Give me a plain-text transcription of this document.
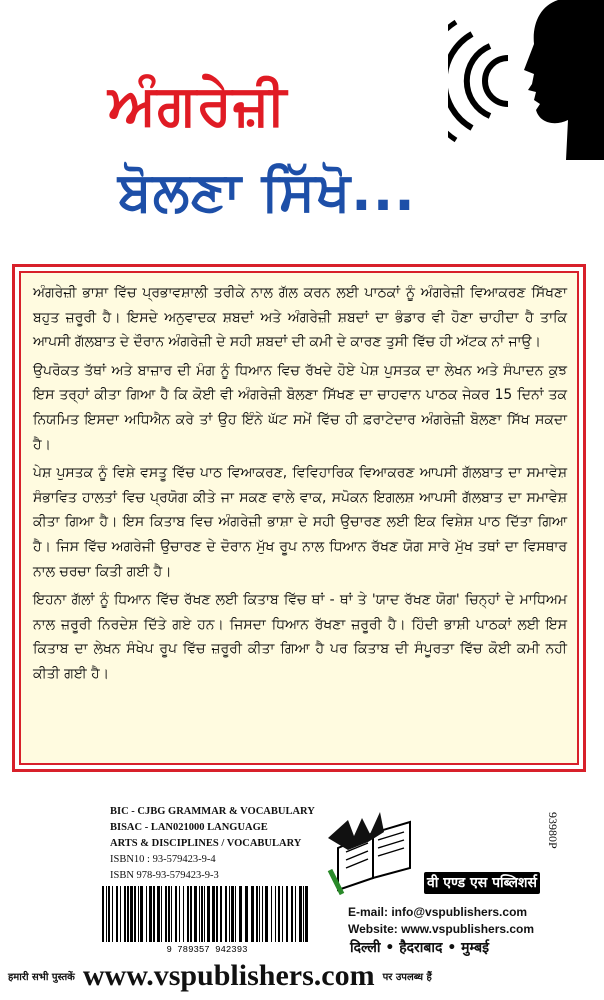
ਅੰਗਰੇਜ਼ੀ
ਬੋਲਣਾ ਸਿੱਖੋ...

ਅੰਗਰੇਜ਼ੀ ਭਾਸ਼ਾ ਵਿੱਚ ਪ੍ਰਭਾਵਸ਼ਾਲੀ ਤਰੀਕੇ ਨਾਲ ਗੱਲ ਕਰਨ ਲਈ ਪਾਠਕਾਂ ਨੂੰ ਅੰਗਰੇਜ਼ੀ ਵਿਆਕਰਣ ਸਿੱਖਣਾ ਬਹੁਤ ਜ਼ਰੂਰੀ ਹੈ। ਇਸਦੇ ਅਨੁਵਾਦਕ ਸ਼ਬਦਾਂ ਅਤੇ ਅੰਗਰੇਜ਼ੀ ਸ਼ਬਦਾਂ ਦਾ ਭੰਡਾਰ ਵੀ ਹੋਣਾ ਚਾਹੀਦਾ ਹੈ ਤਾਕਿ ਆਪਸੀ ਗੱਲਬਾਤ ਦੇ ਦੌਰਾਨ ਅੰਗਰੇਜ਼ੀ ਦੇ ਸਹੀ ਸ਼ਬਦਾਂ ਦੀ ਕਮੀ ਦੇ ਕਾਰਣ ਤੁਸੀ ਵਿੱਚ ਹੀ ਅੱਟਕ ਨਾਂ ਜਾਉ।

ਉਪਰੋਕਤ ਤੱਥਾਂ ਅਤੇ ਬਾਜ਼ਾਰ ਦੀ ਮੰਗ ਨੂੰ ਧਿਆਨ ਵਿਚ ਰੱਖਦੇ ਹੋਏ ਪੇਸ਼ ਪੁਸਤਕ ਦਾ ਲੇਖਨ ਅਤੇ ਸੰਪਾਦਨ ਕੁਝ ਇਸ ਤਰ੍ਹਾਂ ਕੀਤਾ ਗਿਆ ਹੈ ਕਿ ਕੋਈ ਵੀ ਅੰਗਰੇਜ਼ੀ ਬੋਲਣਾ ਸਿੱਖਣ ਦਾ ਚਾਹਵਾਨ ਪਾਠਕ ਜੇਕਰ 15 ਦਿਨਾਂ ਤਕ ਨਿਯਮਿਤ ਇਸਦਾ ਅਧਿਐਨ ਕਰੇ ਤਾਂ ਉਹ ਇੰਨੇ ਘੱਟ ਸਮੇਂ ਵਿੱਚ ਹੀ ਫ਼ਰਾਟੇਦਾਰ ਅੰਗਰੇਜ਼ੀ ਬੋਲਣਾ ਸਿੱਖ ਸਕਦਾ ਹੈ।

ਪੇਸ਼ ਪੁਸਤਕ ਨੂੰ ਵਿਸ਼ੇ ਵਸਤੂ ਵਿੱਚ ਪਾਠ ਵਿਆਕਰਣ, ਵਿਵਿਹਾਰਿਕ ਵਿਆਕਰਣ ਆਪਸੀ ਗੱਲਬਾਤ ਦਾ ਸਮਾਵੇਸ਼ ਸੰਭਾਵਿਤ ਹਾਲਤਾਂ ਵਿਚ ਪ੍ਰਯੋਗ ਕੀਤੇ ਜਾ ਸਕਣ ਵਾਲੇ ਵਾਕ, ਸਪੋਕਨ ਇਗਲਸ਼ ਆਪਸੀ ਗੱਲਬਾਤ ਦਾ ਸਮਾਵੇਸ਼ ਕੀਤਾ ਗਿਆ ਹੈ। ਇਸ ਕਿਤਾਬ ਵਿਚ ਅੰਗਰੇਜ਼ੀ ਭਾਸ਼ਾ ਦੇ ਸਹੀ ਉਚਾਰਣ ਲਈ ਇਕ ਵਿਸ਼ੇਸ਼ ਪਾਠ ਦਿੱਤਾ ਗਿਆ ਹੈ। ਜਿਸ ਵਿੱਚ ਅਗਰੇਜੀ ਉਚਾਰਣ ਦੇ ਦੋਰਾਨ ਮੁੱਖ ਰੂਪ ਨਾਲ ਧਿਆਨ ਰੱਖਣ ਯੋਗ ਸਾਰੇ ਮੁੱਖ ਤਥਾਂ ਦਾ ਵਿਸਥਾਰ ਨਾਲ ਚਰਚਾ ਕਿਤੀ ਗਈ ਹੈ।

ਇਹਨਾ ਗੱਲਾਂ ਨੂੰ ਧਿਆਨ ਵਿੱਚ ਰੱਖਣ ਲਈ ਕਿਤਾਬ ਵਿੱਚ ਥਾਂ - ਥਾਂ ਤੇ 'ਯਾਦ ਰੱਖਣ ਯੋਗ' ਚਿਨ੍ਹਾਂ ਦੇ ਮਾਧਿਅਮ ਨਾਲ ਜ਼ਰੂਰੀ ਨਿਰਦੇਸ਼ ਦਿੱਤੇ ਗਏ ਹਨ। ਜਿਸਦਾ ਧਿਆਨ ਰੱਖਣਾ ਜ਼ਰੂਰੀ ਹੈ। ਹਿੰਦੀ ਭਾਸ਼ੀ ਪਾਠਕਾਂ ਲਈ ਇਸ ਕਿਤਾਬ ਦਾ ਲੇਖਨ ਸੰਖੇਪ ਰੂਪ ਵਿੱਚ ਜ਼ਰੂਰੀ ਕੀਤਾ ਗਿਆ ਹੈ ਪਰ ਕਿਤਾਬ ਦੀ ਸੰਪੂਰਤਾ ਵਿੱਚ ਕੋਈ ਕਮੀ ਨਹੀ ਕੀਤੀ ਗਈ ਹੈ।

BIC - CJBG GRAMMAR & VOCABULARY
BISAC - LAN021000 LANGUAGE
ARTS & DISCIPLINES / VOCABULARY
ISBN10 : 93-579423-9-4
ISBN 978-93-579423-9-3
9 789357 942393
93980P
वी एण्ड एस पब्लिशर्स
E-mail: info@vspublishers.com
Website: www.vspublishers.com
दिल्ली • हैदराबाद • मुम्बई
हमारी सभी पुस्तकें www.vspublishers.com पर उपलब्ध हैं
